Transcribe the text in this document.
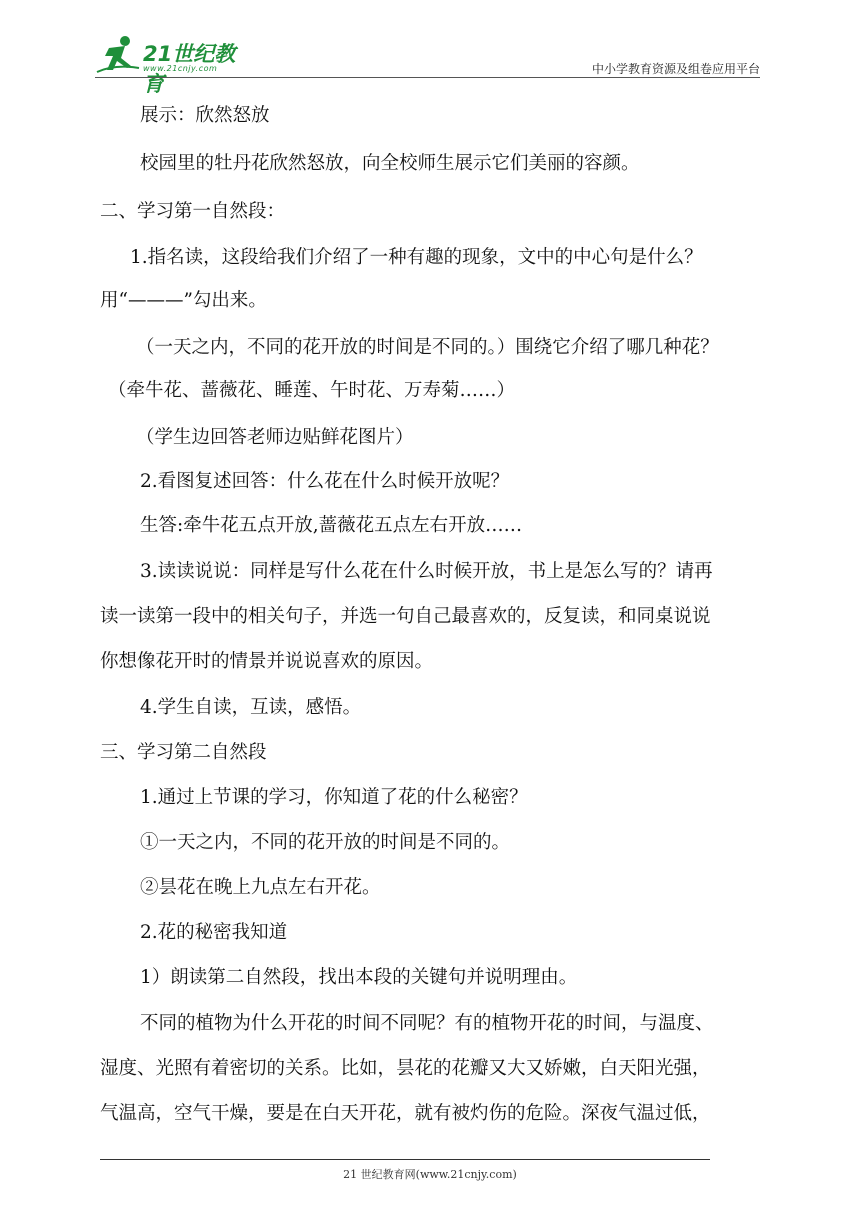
21世纪教育
www.21cnjy.com	中小学教育资源及组卷应用平台
展示：欣然怒放
校园里的牡丹花欣然怒放，向全校师生展示它们美丽的容颜。
二、学习第一自然段：
1.指名读，这段给我们介绍了一种有趣的现象，文中的中心句是什么？
用“———”勾出来。
（一天之内，不同的花开放的时间是不同的。）围绕它介绍了哪几种花？
（牵牛花、蔷薇花、睡莲、午时花、万寿菊……）
（学生边回答老师边贴鲜花图片）
2.看图复述回答：什么花在什么时候开放呢？
生答:牵牛花五点开放,蔷薇花五点左右开放……
3.读读说说：同样是写什么花在什么时候开放，书上是怎么写的？请再
读一读第一段中的相关句子，并选一句自己最喜欢的，反复读，和同桌说说
你想像花开时的情景并说说喜欢的原因。
4.学生自读，互读，感悟。
三、学习第二自然段
1.通过上节课的学习，你知道了花的什么秘密？
①一天之内，不同的花开放的时间是不同的。
②昙花在晚上九点左右开花。
2.花的秘密我知道
1）朗读第二自然段，找出本段的关键句并说明理由。
不同的植物为什么开花的时间不同呢？有的植物开花的时间，与温度、
湿度、光照有着密切的关系。比如，昙花的花瓣又大又娇嫩，白天阳光强，
气温高，空气干燥，要是在白天开花，就有被灼伤的危险。深夜气温过低，
21 世纪教育网(www.21cnjy.com)
